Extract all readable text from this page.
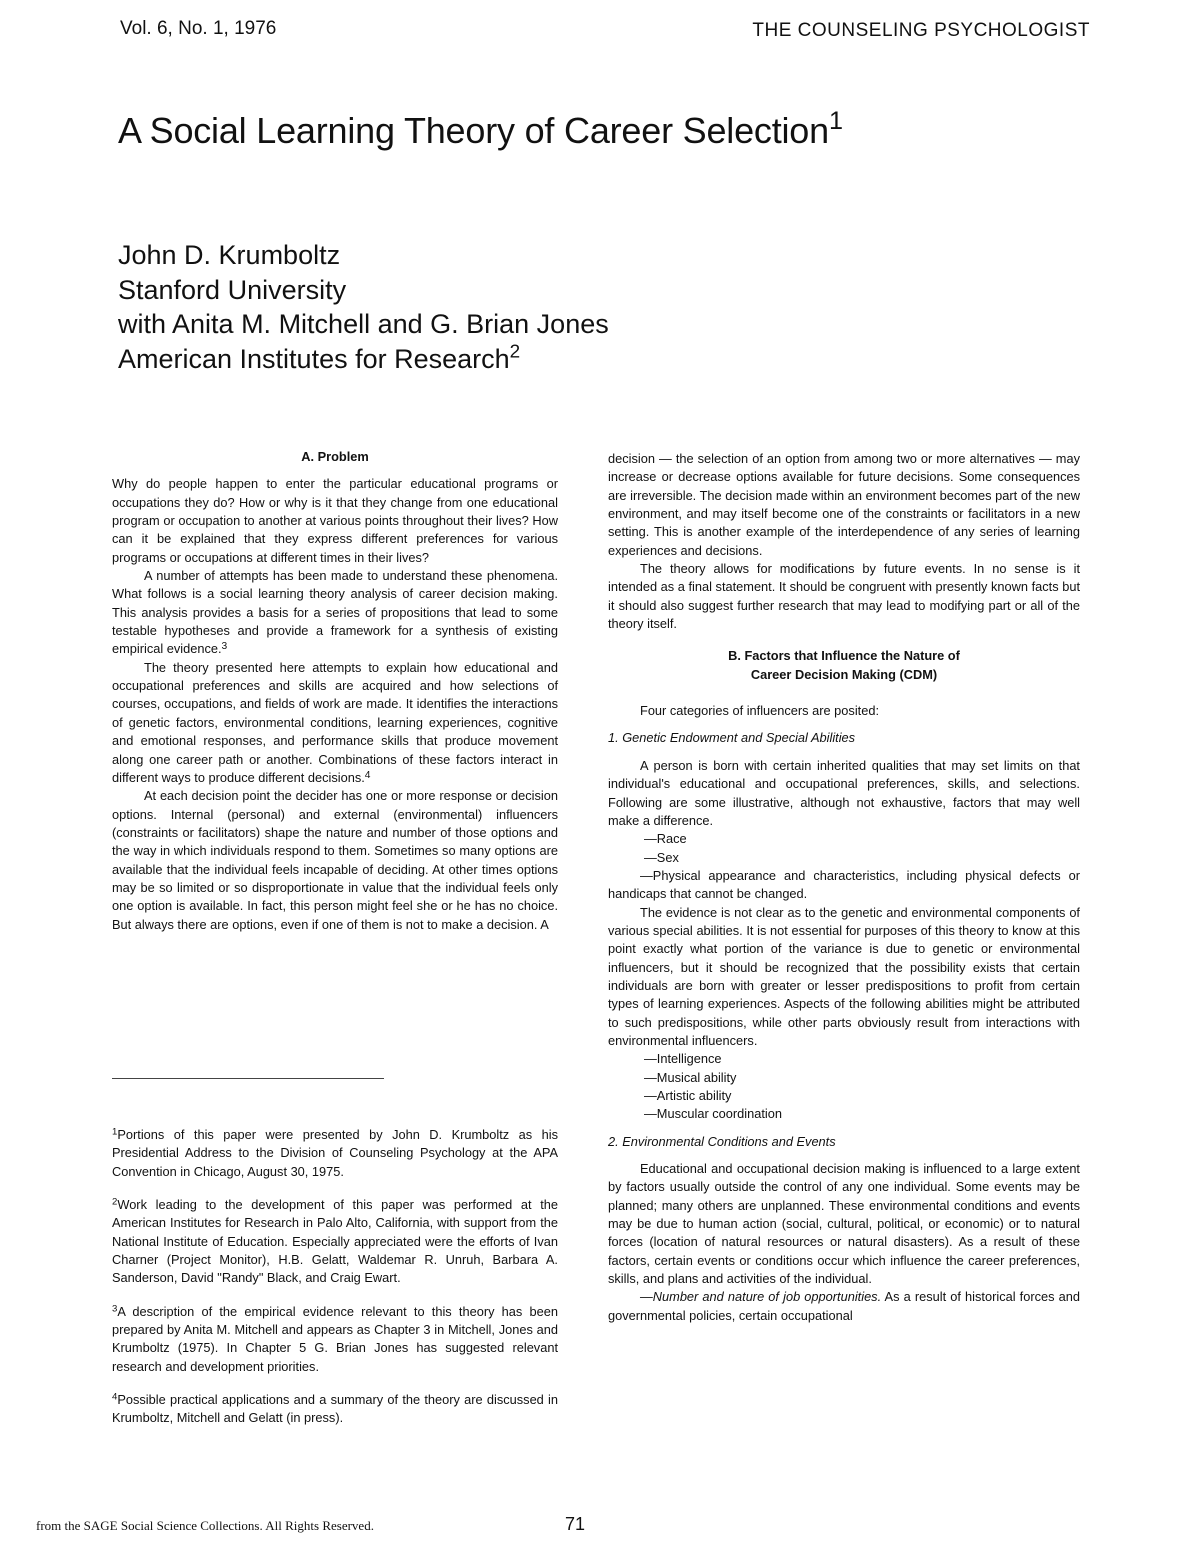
Vol. 6, No. 1, 1976	THE COUNSELING PSYCHOLOGIST
A Social Learning Theory of Career Selection$^1$
John D. Krumboltz
Stanford University
with Anita M. Mitchell and G. Brian Jones
American Institutes for Research$^2$
A. Problem

Why do people happen to enter the particular educational programs or occupations they do? How or why is it that they change from one educational program or occupation to another at various points throughout their lives? How can it be explained that they express different preferences for various programs or occupations at different times in their lives?

A number of attempts has been made to understand these phenomena. What follows is a social learning theory analysis of career decision making. This analysis provides a basis for a series of propositions that lead to some testable hypotheses and provide a framework for a synthesis of existing empirical evidence.$^3$

The theory presented here attempts to explain how educational and occupational preferences and skills are acquired and how selections of courses, occupations, and fields of work are made. It identifies the interactions of genetic factors, environmental conditions, learning experiences, cognitive and emotional responses, and performance skills that produce movement along one career path or another. Combinations of these factors interact in different ways to produce different decisions.$^4$

At each decision point the decider has one or more response or decision options. Internal (personal) and external (environmental) influencers (constraints or facilitators) shape the nature and number of those options and the way in which individuals respond to them. Sometimes so many options are available that the individual feels incapable of deciding. At other times options may be so limited or so disproportionate in value that the individual feels only one option is available. In fact, this person might feel she or he has no choice. But always there are options, even if one of them is not to make a decision. A

$^1$Portions of this paper were presented by John D. Krumboltz as his Presidential Address to the Division of Counseling Psychology at the APA Convention in Chicago, August 30, 1975.

$^2$Work leading to the development of this paper was performed at the American Institutes for Research in Palo Alto, California, with support from the National Institute of Education. Especially appreciated were the efforts of Ivan Charner (Project Monitor), H.B. Gelatt, Waldemar R. Unruh, Barbara A. Sanderson, David "Randy" Black, and Craig Ewart.

$^3$A description of the empirical evidence relevant to this theory has been prepared by Anita M. Mitchell and appears as Chapter 3 in Mitchell, Jones and Krumboltz (1975). In Chapter 5 G. Brian Jones has suggested relevant research and development priorities.

$^4$Possible practical applications and a summary of the theory are discussed in Krumboltz, Mitchell and Gelatt (in press).

decision — the selection of an option from among two or more alternatives — may increase or decrease options available for future decisions. Some consequences are irreversible. The decision made within an environment becomes part of the new environment, and may itself become one of the constraints or facilitators in a new setting. This is another example of the interdependence of any series of learning experiences and decisions.

The theory allows for modifications by future events. In no sense is it intended as a final statement. It should be congruent with presently known facts but it should also suggest further research that may lead to modifying part or all of the theory itself.

B. Factors that Influence the Nature of
Career Decision Making (CDM)

Four categories of influencers are posited:

1. Genetic Endowment and Special Abilities

A person is born with certain inherited qualities that may set limits on that individual's educational and occupational preferences, skills, and selections. Following are some illustrative, although not exhaustive, factors that may well make a difference.

—Race

—Sex

—Physical appearance and characteristics, including physical defects or handicaps that cannot be changed.

The evidence is not clear as to the genetic and environmental components of various special abilities. It is not essential for purposes of this theory to know at this point exactly what portion of the variance is due to genetic or environmental influencers, but it should be recognized that the possibility exists that certain individuals are born with greater or lesser predispositions to profit from certain types of learning experiences. Aspects of the following abilities might be attributed to such predispositions, while other parts obviously result from interactions with environmental influencers.

—Intelligence

—Musical ability

—Artistic ability

—Muscular coordination

2. Environmental Conditions and Events

Educational and occupational decision making is influenced to a large extent by factors usually outside the control of any one individual. Some events may be planned; many others are unplanned. These environmental conditions and events may be due to human action (social, cultural, political, or economic) or to natural forces (location of natural resources or natural disasters). As a result of these factors, certain events or conditions occur which influence the career preferences, skills, and plans and activities of the individual.

—Number and nature of job opportunities. As a result of historical forces and governmental policies, certain occupational

from the SAGE Social Science Collections. All Rights Reserved.	71
